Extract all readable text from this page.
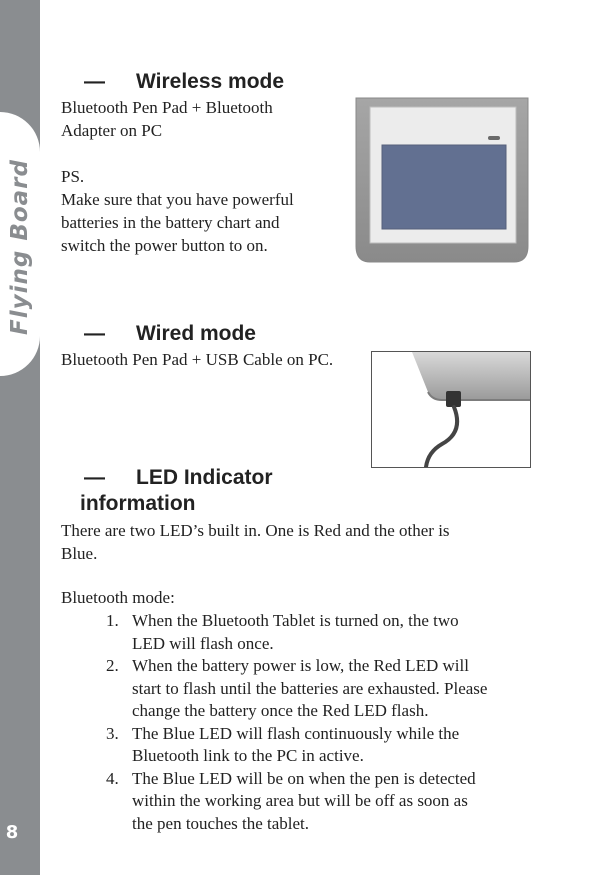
Flying Board
8
— Wireless mode
Bluetooth Pen Pad + Bluetooth
Adapter on PC
PS.
Make sure that you have powerful
batteries in the battery chart and
switch the power button to on.
— Wired mode
Bluetooth Pen Pad + USB Cable on PC.
— LED Indicator
information
There are two LED’s built in. One is Red and the other is
Blue.
Bluetooth mode:
1. When the Bluetooth Tablet is turned on, the two
LED will flash once.
2. When the battery power is low, the Red LED will
start to flash until the batteries are exhausted. Please
change the battery once the Red LED flash.
3. The Blue LED will flash continuously while the
Bluetooth link to the PC in active.
4. The Blue LED will be on when the pen is detected
within the working area but will be off as soon as
the pen touches the tablet.
